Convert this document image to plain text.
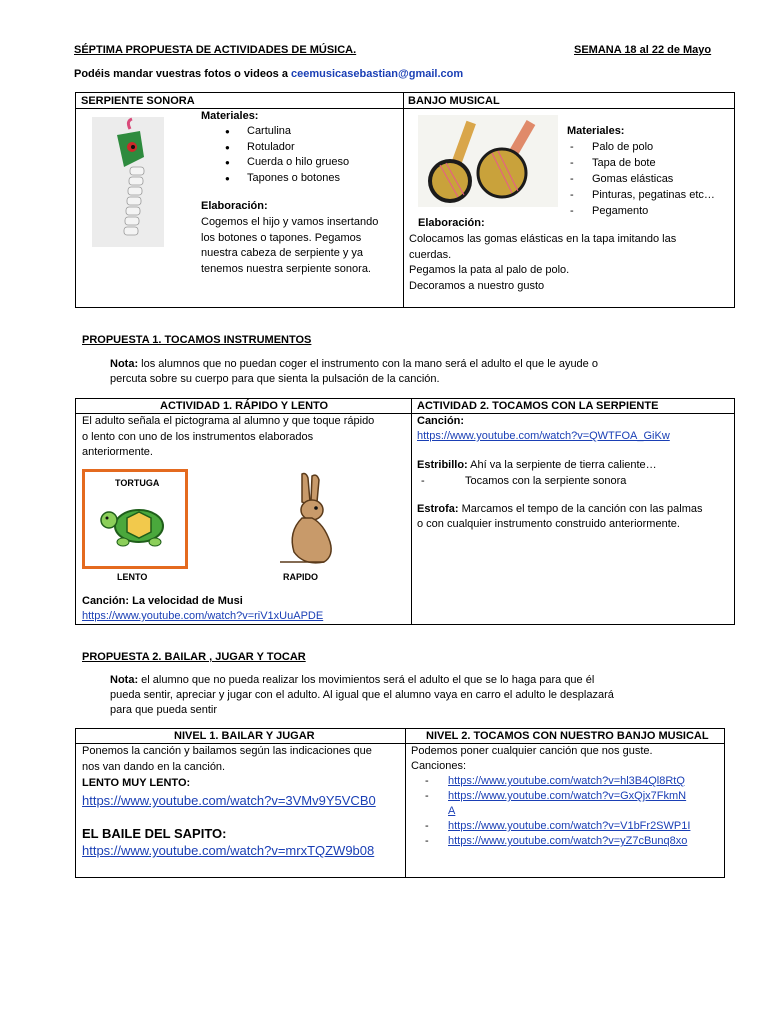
SÉPTIMA PROPUESTA DE ACTIVIDADES DE MÚSICA.	SEMANA 18 al 22 de Mayo
Podéis mandar vuestras fotos o videos a ceemusicasebastian@gmail.com
SERPIENTE SONORA	BANJO MUSICAL
Materiales:
● Cartulina
● Rotulador
● Cuerda o hilo grueso
● Tapones o botones
Elaboración:
Cogemos el hijo y vamos insertando
los botones o tapones. Pegamos
nuestra cabeza de serpiente y ya
tenemos nuestra serpiente sonora.
Materiales:
- Palo de polo
- Tapa de bote
- Gomas elásticas
- Pinturas, pegatinas etc…
- Pegamento
Elaboración:
Colocamos las gomas elásticas en la tapa imitando las
cuerdas.
Pegamos la pata al palo de polo.
Decoramos a nuestro gusto
PROPUESTA 1. TOCAMOS INSTRUMENTOS
Nota: los alumnos que no puedan coger el instrumento con la mano será el adulto el que le ayude o
percuta sobre su cuerpo para que sienta la pulsación de la canción.
ACTIVIDAD 1. RÁPIDO Y LENTO	ACTIVIDAD 2. TOCAMOS CON LA SERPIENTE
El adulto señala el pictograma al alumno y que toque rápido
o lento con uno de los instrumentos elaborados
anteriormente.
TORTUGA
LENTO	RAPIDO
Canción: La velocidad de Musi
https://www.youtube.com/watch?v=riV1xUuAPDE
Canción:
https://www.youtube.com/watch?v=QWTFOA_GiKw
Estribillo: Ahí va la serpiente de tierra caliente…
- Tocamos con la serpiente sonora
Estrofa: Marcamos el tempo de la canción con las palmas
o con cualquier instrumento construido anteriormente.
PROPUESTA 2. BAILAR , JUGAR Y TOCAR
Nota: el alumno que no pueda realizar los movimientos será el adulto el que se lo haga para que él
pueda sentir, apreciar y jugar con el adulto. Al igual que el alumno vaya en carro el adulto le desplazará
para que pueda sentir
NIVEL 1. BAILAR Y JUGAR	NIVEL 2. TOCAMOS CON NUESTRO BANJO MUSICAL
Ponemos la canción y bailamos según las indicaciones que
nos van dando en la canción.
LENTO MUY LENTO:
https://www.youtube.com/watch?v=3VMv9Y5VCB0
EL BAILE DEL SAPITO:
https://www.youtube.com/watch?v=mrxTQZW9b08
Podemos poner cualquier canción que nos guste.
Canciones:
- https://www.youtube.com/watch?v=hl3B4Ql8RtQ
- https://www.youtube.com/watch?v=GxQjx7FkmN
A
- https://www.youtube.com/watch?v=V1bFr2SWP1I
- https://www.youtube.com/watch?v=yZ7cBunq8xo
